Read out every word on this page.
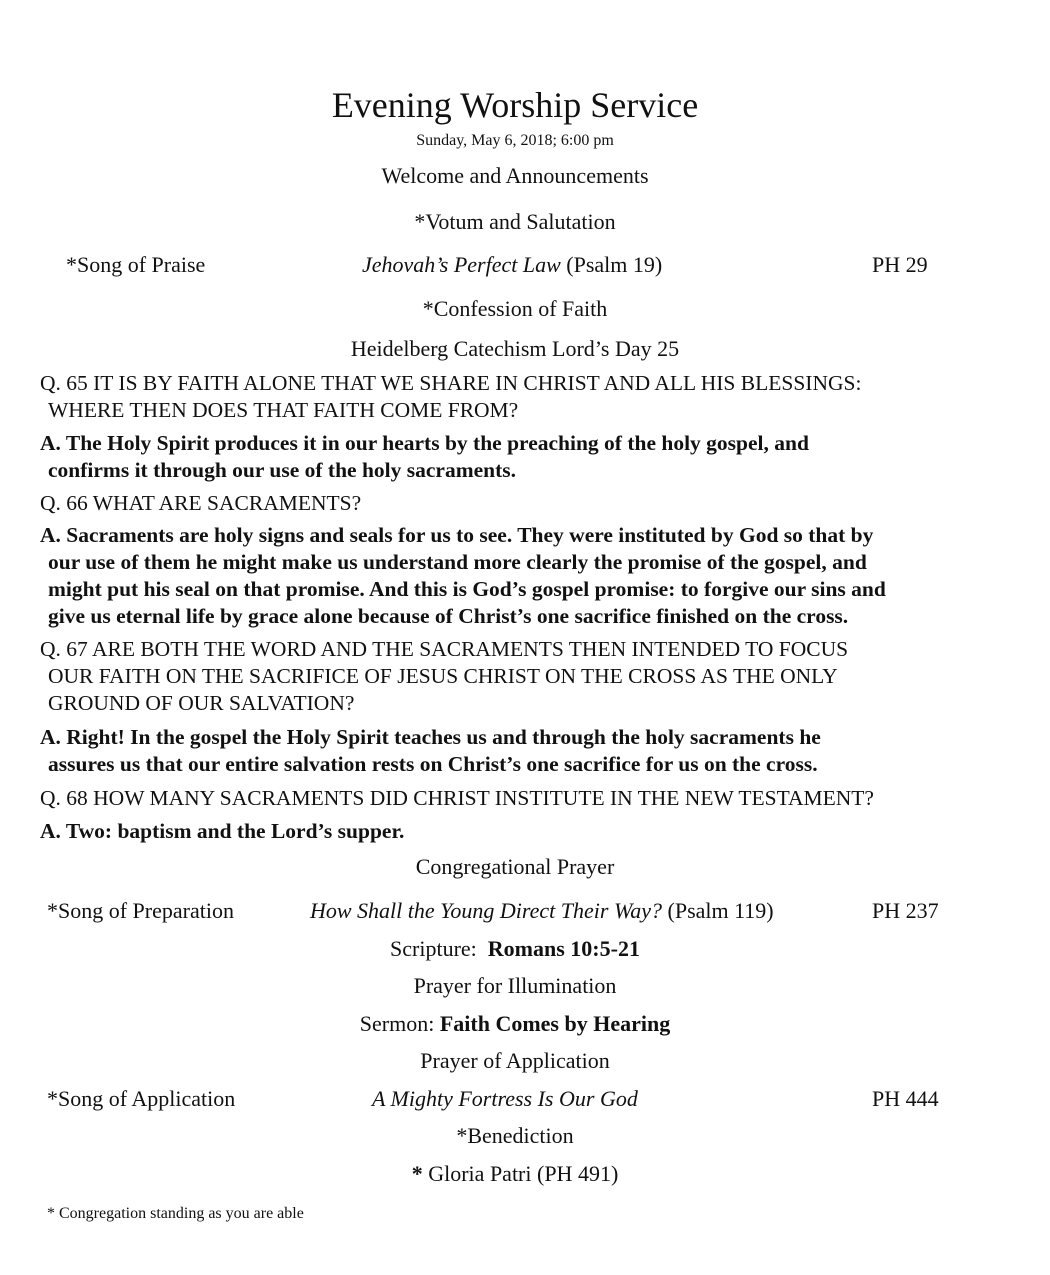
Evening Worship Service
Sunday, May 6, 2018; 6:00 pm
Welcome and Announcements
*Votum and Salutation
*Song of Praise	Jehovah’s Perfect Law (Psalm 19)	PH 29
*Confession of Faith
Heidelberg Catechism Lord’s Day 25
Q. 65 IT IS BY FAITH ALONE THAT WE SHARE IN CHRIST AND ALL HIS BLESSINGS:
WHERE THEN DOES THAT FAITH COME FROM?
A. The Holy Spirit produces it in our hearts by the preaching of the holy gospel, and
confirms it through our use of the holy sacraments.
Q. 66 WHAT ARE SACRAMENTS?
A. Sacraments are holy signs and seals for us to see. They were instituted by God so that by
our use of them he might make us understand more clearly the promise of the gospel, and
might put his seal on that promise. And this is God’s gospel promise: to forgive our sins and
give us eternal life by grace alone because of Christ’s one sacrifice finished on the cross.
Q. 67 ARE BOTH THE WORD AND THE SACRAMENTS THEN INTENDED TO FOCUS
OUR FAITH ON THE SACRIFICE OF JESUS CHRIST ON THE CROSS AS THE ONLY
GROUND OF OUR SALVATION?
A. Right! In the gospel the Holy Spirit teaches us and through the holy sacraments he
assures us that our entire salvation rests on Christ’s one sacrifice for us on the cross.
Q. 68 HOW MANY SACRAMENTS DID CHRIST INSTITUTE IN THE NEW TESTAMENT?
A. Two: baptism and the Lord’s supper.
Congregational Prayer
*Song of Preparation	How Shall the Young Direct Their Way? (Psalm 119)	PH 237
Scripture:  Romans 10:5-21
Prayer for Illumination
Sermon: Faith Comes by Hearing
Prayer of Application
*Song of Application	A Mighty Fortress Is Our God	PH 444
*Benediction
* Gloria Patri (PH 491)
* Congregation standing as you are able
